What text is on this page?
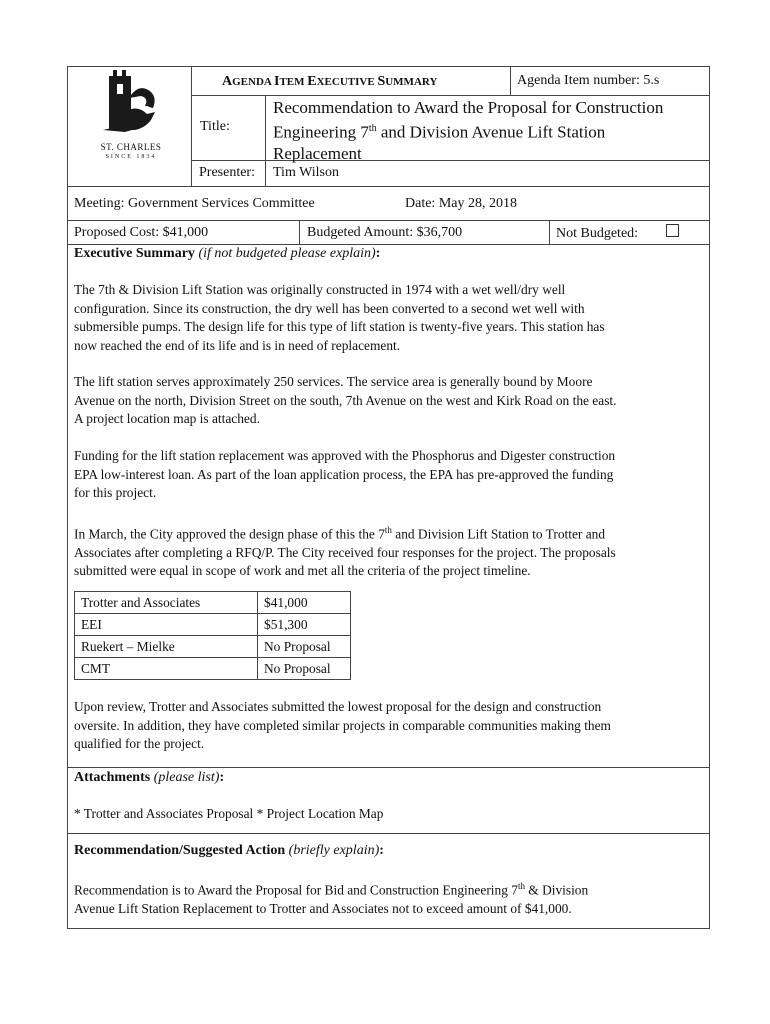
ST. CHARLES
SINCE 1834
AGENDA ITEM EXECUTIVE SUMMARY	Agenda Item number: 5.s
Title:
Recommendation to Award the Proposal for Construction
Engineering 7th and Division Avenue Lift Station
Replacement
Presenter: Tim Wilson
Meeting: Government Services Committee	Date: May 28, 2018
Proposed Cost: $41,000	Budgeted Amount: $36,700	Not Budgeted:
Executive Summary (if not budgeted please explain):

The 7th & Division Lift Station was originally constructed in 1974 with a wet well/dry well

configuration. Since its construction, the dry well has been converted to a second wet well with

submersible pumps. The design life for this type of lift station is twenty-five years. This station has

now reached the end of its life and is in need of replacement.

The lift station serves approximately 250 services. The service area is generally bound by Moore

Avenue on the north, Division Street on the south, 7th Avenue on the west and Kirk Road on the east.

A project location map is attached.

Funding for the lift station replacement was approved with the Phosphorus and Digester construction

EPA low-interest loan. As part of the loan application process, the EPA has pre-approved the funding

for this project.

In March, the City approved the design phase of this the 7th and Division Lift Station to Trotter and

Associates after completing a RFQ/P. The City received four responses for the project. The proposals

submitted were equal in scope of work and met all the criteria of the project timeline.

Trotter and Associates	$41,000
EEI	$51,300
Ruekert – Mielke	No Proposal
CMT	No Proposal

Upon review, Trotter and Associates submitted the lowest proposal for the design and construction

oversite. In addition, they have completed similar projects in comparable communities making them

qualified for the project.

Attachments (please list):

* Trotter and Associates Proposal * Project Location Map

Recommendation/Suggested Action (briefly explain):

Recommendation is to Award the Proposal for Bid and Construction Engineering 7th & Division

Avenue Lift Station Replacement to Trotter and Associates not to exceed amount of $41,000.
